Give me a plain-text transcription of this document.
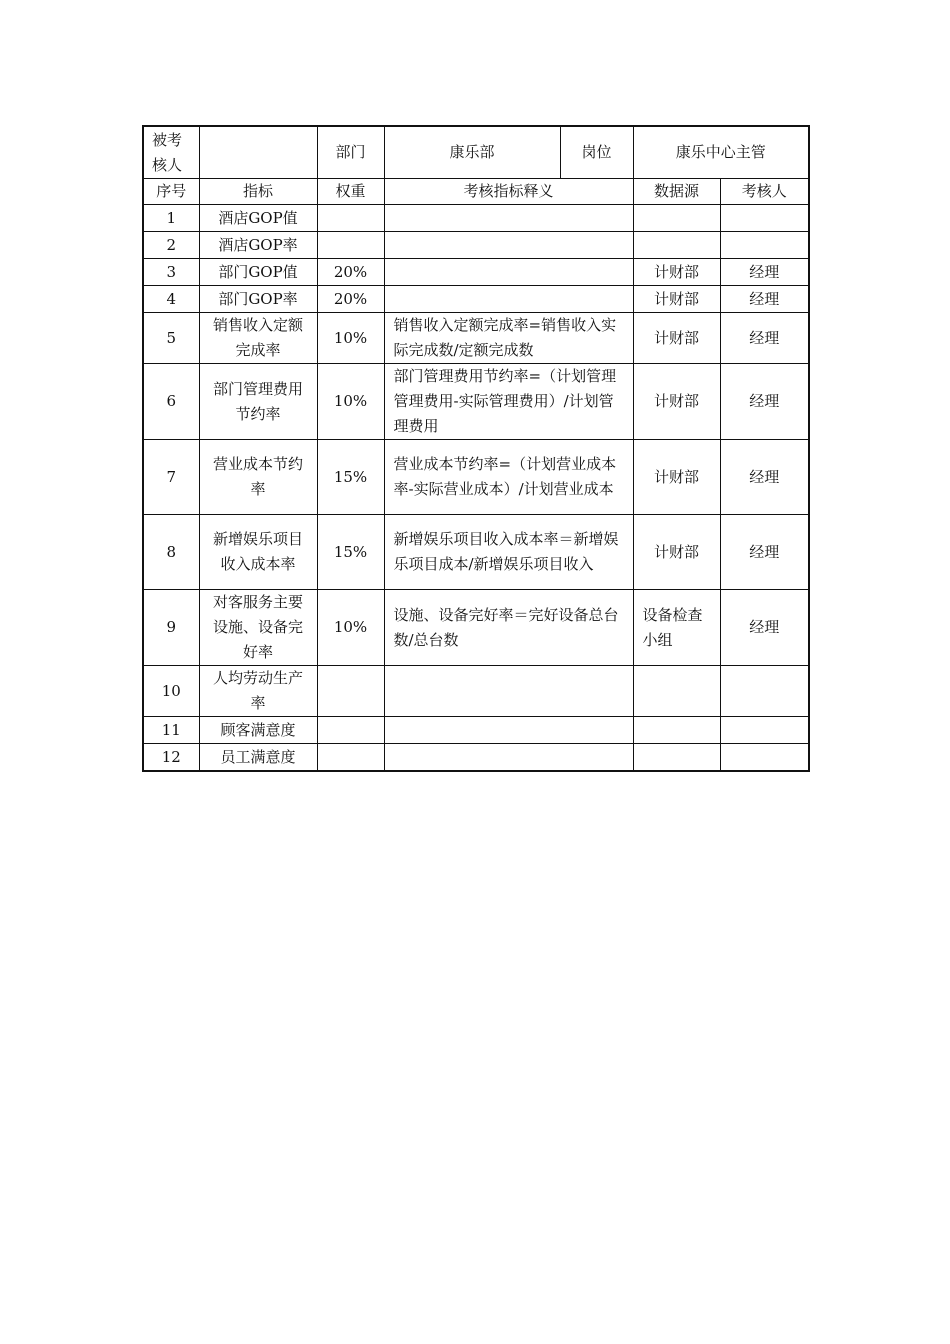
被考核人		部门	康乐部	岗位	康乐中心主管	
序号	指标	权重	考核指标释义		数据源	考核人
1	酒店GOP值					
2	酒店GOP率					
3	部门GOP值	20%			计财部	经理
4	部门GOP率	20%			计财部	经理
5	销售收入定额完成率	10%	销售收入定额完成率=销售收入实际完成数/定额完成数		计财部	经理
6	部门管理费用节约率	10%	部门管理费用节约率=（计划管理管理费用-实际管理费用）/计划管理费用		计财部	经理
7	营业成本节约率	15%	营业成本节约率=（计划营业成本率-实际营业成本）/计划营业成本		计财部	经理
8	新增娱乐项目收入成本率	15%	新增娱乐项目收入成本率＝新增娱乐项目成本/新增娱乐项目收入		计财部	经理
9	对客服务主要设施、设备完好率	10%	设施、设备完好率＝完好设备总台数/总台数		设备检查小组	经理
10	人均劳动生产率					
11	顾客满意度					
12	员工满意度					
